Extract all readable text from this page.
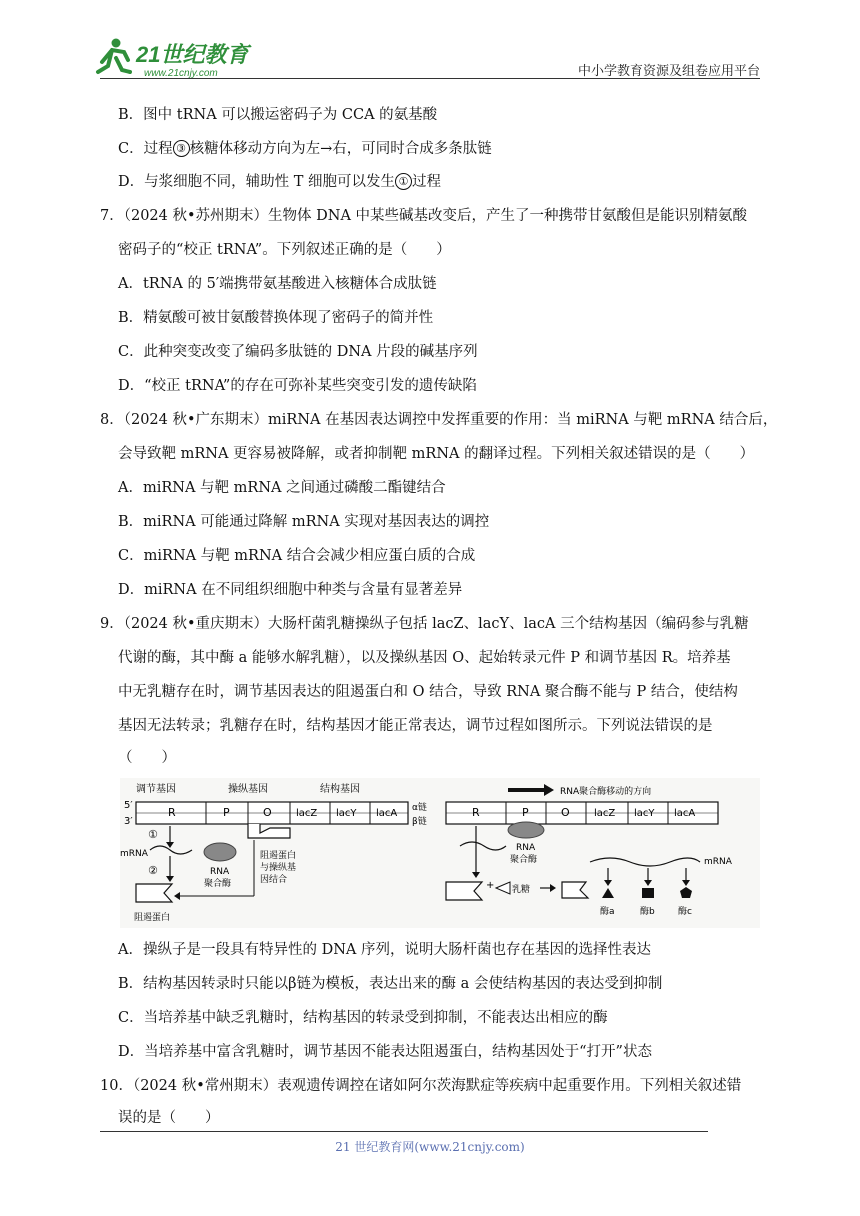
21世纪教育
www.21cnjy.com	中小学教育资源及组卷应用平台
B．图中 tRNA 可以搬运密码子为 CCA 的氨基酸
C．过程 ③ 核糖体移动方向为左→右，可同时合成多条肽链
D．与浆细胞不同，辅助性 T 细胞可以发生 ① 过程
7．（2024 秋•苏州期末）生物体 DNA 中某些碱基改变后，产生了一种携带甘氨酸但是能识别精氨酸
密码子的“校正 tRNA”。下列叙述正确的是（　　）
A．tRNA 的 5′端携带氨基酸进入核糖体合成肽链
B．精氨酸可被甘氨酸替换体现了密码子的简并性
C．此种突变改变了编码多肽链的 DNA 片段的碱基序列
D．“校正 tRNA”的存在可弥补某些突变引发的遗传缺陷
8．（2024 秋•广东期末）miRNA 在基因表达调控中发挥重要的作用：当 miRNA 与靶 mRNA 结合后，
会导致靶 mRNA 更容易被降解，或者抑制靶 mRNA 的翻译过程。下列相关叙述错误的是（　　）
A．miRNA 与靶 mRNA 之间通过磷酸二酯键结合
B．miRNA 可能通过降解 mRNA 实现对基因表达的调控
C．miRNA 与靶 mRNA 结合会减少相应蛋白质的合成
D．miRNA 在不同组织细胞中种类与含量有显著差异
9．（2024 秋•重庆期末）大肠杆菌乳糖操纵子包括 lacZ、lacY、lacA 三个结构基因（编码参与乳糖
代谢的酶，其中酶 a 能够水解乳糖），以及操纵基因 O、起始转录元件 P 和调节基因 R。培养基
中无乳糖存在时，调节基因表达的阻遏蛋白和 O 结合，导致 RNA 聚合酶不能与 P 结合，使结构
基因无法转录；乳糖存在时，结构基因才能正常表达，调节过程如图所示。下列说法错误的是
（　　）
调节基因	操纵基因	结构基因
5′
3′
R	P	O lacZ lacY lacA α链
β链
①
mRNA
②	RNA
聚合酶
阻遏蛋白
与操纵基
因结合
阻遏蛋白
RNA聚合酶移动的方向
R	P	O lacZ lacY lacA
RNA
聚合酶
+ 乳糖
mRNA
酶a	酶b	酶c
A．操纵子是一段具有特异性的 DNA 序列，说明大肠杆菌也存在基因的选择性表达
B．结构基因转录时只能以β链为模板，表达出来的酶 a 会使结构基因的表达受到抑制
C．当培养基中缺乏乳糖时，结构基因的转录受到抑制，不能表达出相应的酶
D．当培养基中富含乳糖时，调节基因不能表达阻遏蛋白，结构基因处于“打开”状态
10．（2024 秋•常州期末）表观遗传调控在诸如阿尔茨海默症等疾病中起重要作用。下列相关叙述错
误的是（　　）
21 世纪教育网(www.21cnjy.com)
